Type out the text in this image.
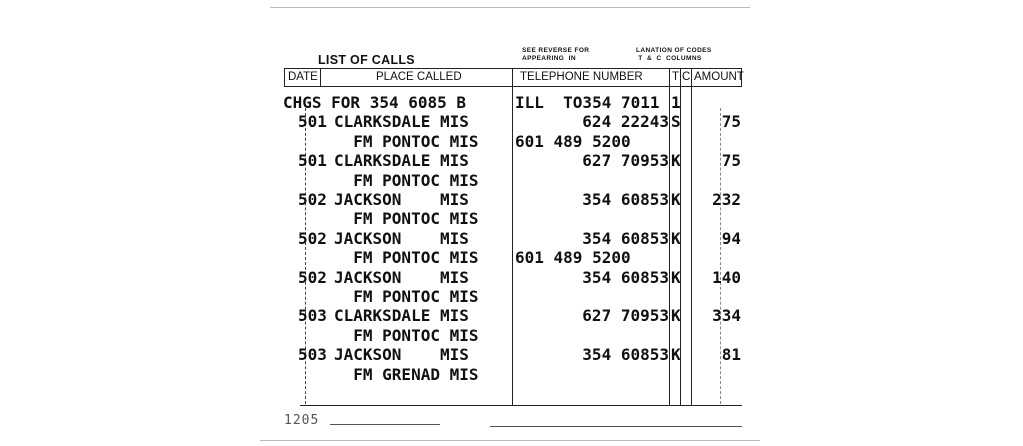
LIST OF CALLS
SEE REVERSE FOR
APPEARING  IN
LANATION OF CODES
T  &  C  COLUMNS
DATE	PLACE CALLED	TELEPHONE NUMBER	T C AMOUNT
1205
CHGS FOR 354 6085 B	ILL  TO354 7011 1
501 CLARKSDALE MIS	624 22243 S	75
FM PONTOC MIS 601 489 5200
501 CLARKSDALE MIS	627 70953 K	75
FM PONTOC MIS
502 JACKSON    MIS	354 60853 K 232
FM PONTOC MIS
502 JACKSON    MIS	354 60853 K	94
FM PONTOC MIS 601 489 5200
502 JACKSON    MIS	354 60853 K 140
FM PONTOC MIS
503 CLARKSDALE MIS	627 70953 K 334
FM PONTOC MIS
503 JACKSON    MIS	354 60853 K	81
FM GRENAD MIS
